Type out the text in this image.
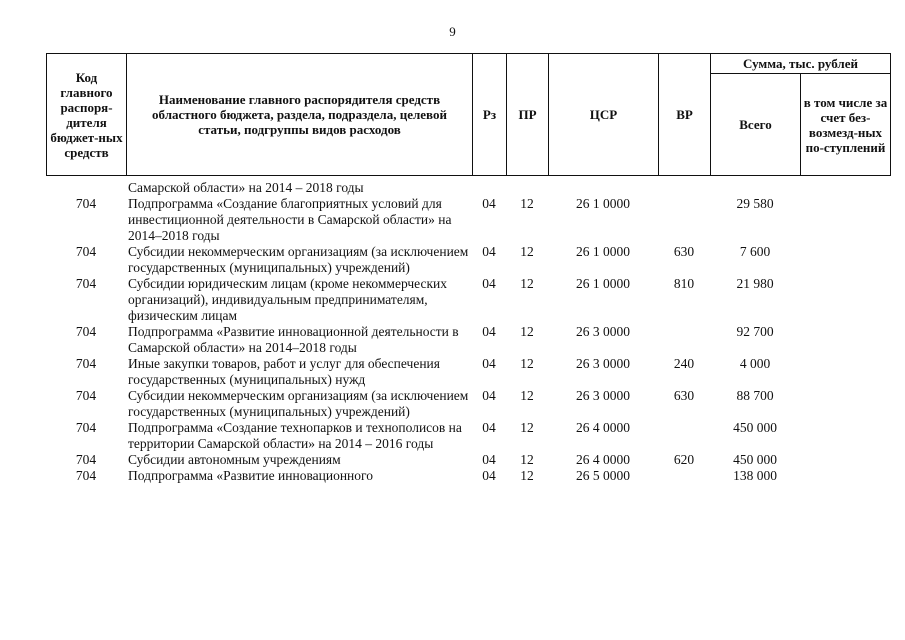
9
Код главного распоря-дителя бюджет-ных средств	Наименование главного распорядителя средств областного бюджета, раздела, подраздела, целевой статьи, подгруппы видов расходов	Рз	ПР	ЦСР	ВР	Сумма, тыс. рублей	
						Всего	в том числе за счет без-возмезд-ных по-ступлений
	Самарской области» на 2014 – 2018 годы						
704	Подпрограмма «Создание благоприятных условий для инвестиционной деятельности в Самарской области» на 2014–2018 годы	04	12	26 1 0000		29 580	
704	Субсидии некоммерческим организациям (за исключением государственных (муниципальных) учреждений)	04	12	26 1 0000	630	7 600	
704	Субсидии юридическим лицам (кроме некоммерческих организаций), индивидуальным предпринимателям, физическим лицам	04	12	26 1 0000	810	21 980	
704	Подпрограмма «Развитие инновационной деятельности в Самарской области» на 2014–2018 годы	04	12	26 3 0000		92 700	
704	Иные закупки товаров, работ и услуг для обеспечения государственных (муниципальных) нужд	04	12	26 3 0000	240	4 000	
704	Субсидии некоммерческим организациям (за исключением государственных (муниципальных) учреждений)	04	12	26 3 0000	630	88 700	
704	Подпрограмма «Создание технопарков и технополисов на территории Самарской области» на 2014 – 2016 годы	04	12	26 4 0000		450 000	
704	Субсидии автономным учреждениям	04	12	26 4 0000	620	450 000	
704	Подпрограмма «Развитие инновационного	04	12	26 5 0000		138 000	
